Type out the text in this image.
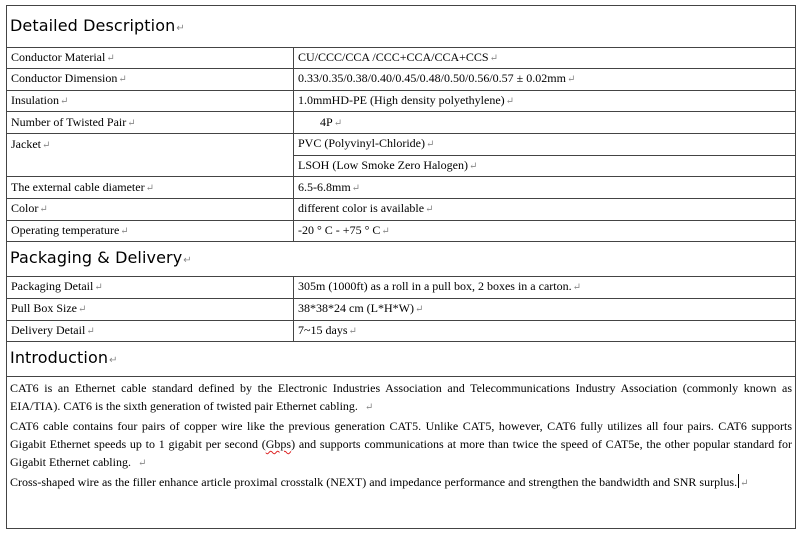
Detailed Description↵	
Conductor Material↵	CU/CCC/CCA /CCC+CCA/CCA+CCS↵
Conductor Dimension↵	0.33/0.35/0.38/0.40/0.45/0.48/0.50/0.56/0.57 ± 0.02mm↵
Insulation↵	1.0mmHD-PE (High density polyethylene)↵
Number of Twisted Pair↵	4P↵
Jacket↵	PVC (Polyvinyl-Chloride)↵
	LSOH (Low Smoke Zero Halogen)↵
The external cable diameter↵	6.5-6.8mm↵
Color↵	different color is available↵
Operating temperature↵	-20 ° C - +75 ° C↵
Packaging & Delivery↵	
Packaging Detail↵	305m (1000ft) as a roll in a pull box, 2 boxes in a carton.↵
Pull Box Size↵	38*38*24 cm (L*H*W)↵
Delivery Detail↵	7~15 days↵
Introduction↵	

CAT6 is an Ethernet cable standard defined by the Electronic Industries Association and Telecommunications Industry Association (commonly known as EIA/TIA). CAT6 is the sixth generation of twisted pair Ethernet cabling. ↵

CAT6 cable contains four pairs of copper wire like the previous generation CAT5. Unlike CAT5, however, CAT6 fully utilizes all four pairs. CAT6 supports Gigabit Ethernet speeds up to 1 gigabit per second (Gbps) and supports communications at more than twice the speed of CAT5e, the other popular standard for Gigabit Ethernet cabling. ↵

Cross-shaped wire as the filler enhance article proximal crosstalk (NEXT) and impedance performance and strengthen the bandwidth and SNR surplus. ↵	
